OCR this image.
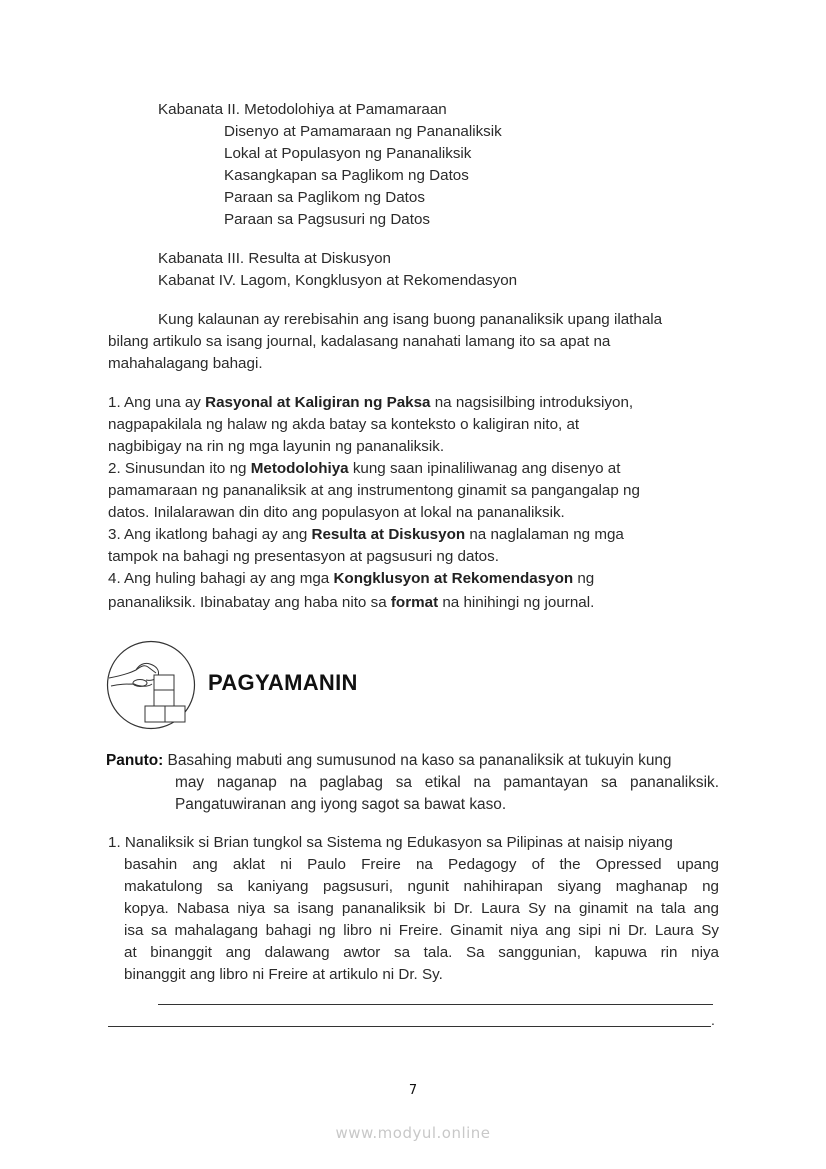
Kabanata II. Metodolohiya at Pamamaraan
Disenyo at Pamamaraan ng Pananaliksik
Lokal at Populasyon ng Pananaliksik
Kasangkapan sa Paglikom ng Datos
Paraan sa Paglikom ng Datos
Paraan sa Pagsusuri ng Datos
Kabanata III. Resulta at Diskusyon
Kabanat IV. Lagom, Kongklusyon at Rekomendasyon
Kung kalaunan ay rerebisahin ang isang buong pananaliksik upang ilathala
bilang artikulo sa isang journal, kadalasang nanahati lamang ito sa apat na
mahahalagang bahagi.
1. Ang una ay Rasyonal at Kaligiran ng Paksa na nagsisilbing introduksiyon,
nagpapakilala ng halaw ng akda batay sa konteksto o kaligiran nito, at
nagbibigay na rin ng mga layunin ng pananaliksik.
2. Sinusundan ito ng Metodolohiya kung saan ipinaliliwanag ang disenyo at
pamamaraan ng pananaliksik at ang instrumentong ginamit sa pangangalap ng
datos. Inilalarawan din dito ang populasyon at lokal na pananaliksik.
3. Ang ikatlong bahagi ay ang Resulta at Diskusyon na naglalaman ng mga
tampok na bahagi ng presentasyon at pagsusuri ng datos.
4. Ang huling bahagi ay ang mga Kongklusyon at Rekomendasyon ng
pananaliksik. Ibinabatay ang haba nito sa format na hinihingi ng journal.
PAGYAMANIN
Panuto: Basahing mabuti ang sumusunod na kaso sa pananaliksik at tukuyin kung
may naganap na paglabag sa etikal na pamantayan sa pananaliksik.
Pangatuwiranan ang iyong sagot sa bawat kaso.
1. Nanaliksik si Brian tungkol sa Sistema ng Edukasyon sa Pilipinas at naisip niyang
basahin ang aklat ni Paulo Freire na Pedagogy of the Opressed upang
makatulong sa kaniyang pagsusuri, ngunit nahihirapan siyang maghanap ng
kopya. Nabasa niya sa isang pananaliksik bi Dr. Laura Sy na ginamit na tala ang
isa sa mahalagang bahagi ng libro ni Freire. Ginamit niya ang sipi ni Dr. Laura Sy
at binanggit ang dalawang awtor sa tala. Sa sanggunian, kapuwa rin niya
binanggit ang libro ni Freire at artikulo ni Dr. Sy.
.
7
www.modyul.online
